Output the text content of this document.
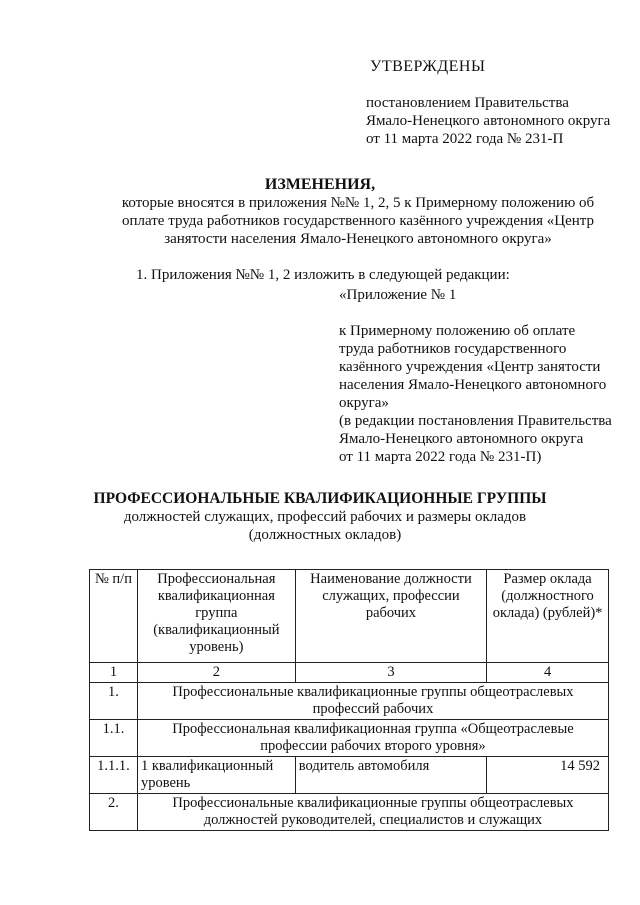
УТВЕРЖДЕНЫ
постановлением Правительства
Ямало-Ненецкого автономного округа
от 11 марта 2022 года № 231-П
ИЗМЕНЕНИЯ,
которые вносятся в приложения №№ 1, 2, 5 к Примерному положению об оплате труда работников государственного казённого учреждения «Центр занятости населения Ямало-Ненецкого автономного округа»
1. Приложения №№ 1, 2 изложить в следующей редакции:
«Приложение № 1
к Примерному положению об оплате
труда работников государственного
казённого учреждения «Центр занятости
населения Ямало-Ненецкого автономного
округа»
(в редакции постановления Правительства
Ямало-Ненецкого автономного округа
от 11 марта 2022 года № 231-П)
ПРОФЕССИОНАЛЬНЫЕ КВАЛИФИКАЦИОННЫЕ ГРУППЫ
должностей служащих, профессий рабочих и размеры окладов (должностных окладов)
№ п/п	Профессиональная квалификационная группа (квалификационный уровень)	Наименование должности служащих, профессии рабочих	Размер оклада (должностного оклада) (рублей)*
1	2	3	4
1.	Профессиональные квалификационные группы общеотраслевых профессий рабочих		
1.1.	Профессиональная квалификационная группа «Общеотраслевые профессии рабочих второго уровня»		
1.1.1.	1 квалификационный уровень	водитель автомобиля	14 592
2.	Профессиональные квалификационные группы общеотраслевых должностей руководителей, специалистов и служащих		
